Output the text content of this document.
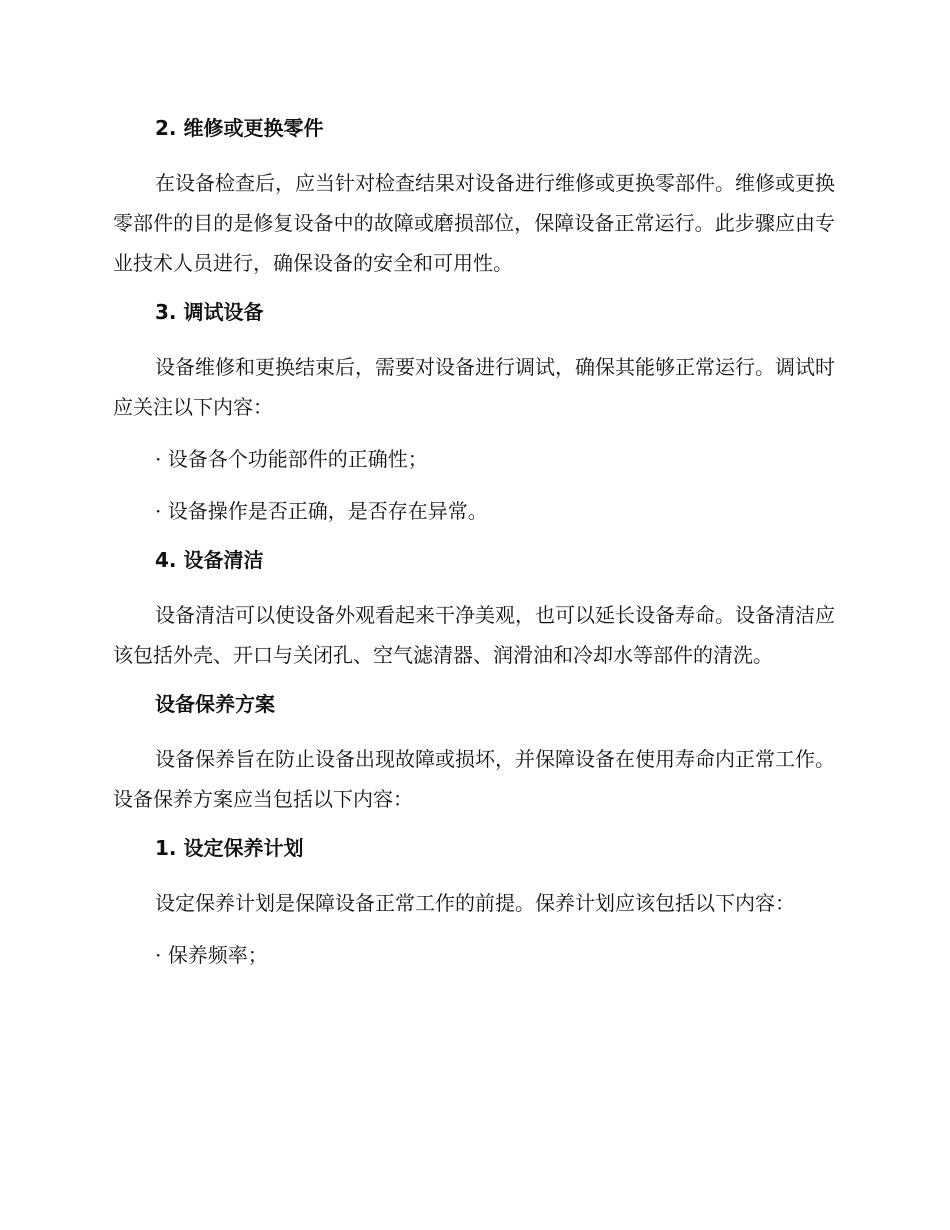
2. 维修或更换零件
在设备检查后，应当针对检查结果对设备进行维修或更换零部件。维修或更换零部件的目的是修复设备中的故障或磨损部位，保障设备正常运行。此步骤应由专业技术人员进行，确保设备的安全和可用性。
3. 调试设备
设备维修和更换结束后，需要对设备进行调试，确保其能够正常运行。调试时应关注以下内容：
· 设备各个功能部件的正确性；
· 设备操作是否正确，是否存在异常。
4. 设备清洁
设备清洁可以使设备外观看起来干净美观，也可以延长设备寿命。设备清洁应该包括外壳、开口与关闭孔、空气滤清器、润滑油和冷却水等部件的清洗。
设备保养方案
设备保养旨在防止设备出现故障或损坏，并保障设备在使用寿命内正常工作。设备保养方案应当包括以下内容：
1. 设定保养计划
设定保养计划是保障设备正常工作的前提。保养计划应该包括以下内容：
· 保养频率；
